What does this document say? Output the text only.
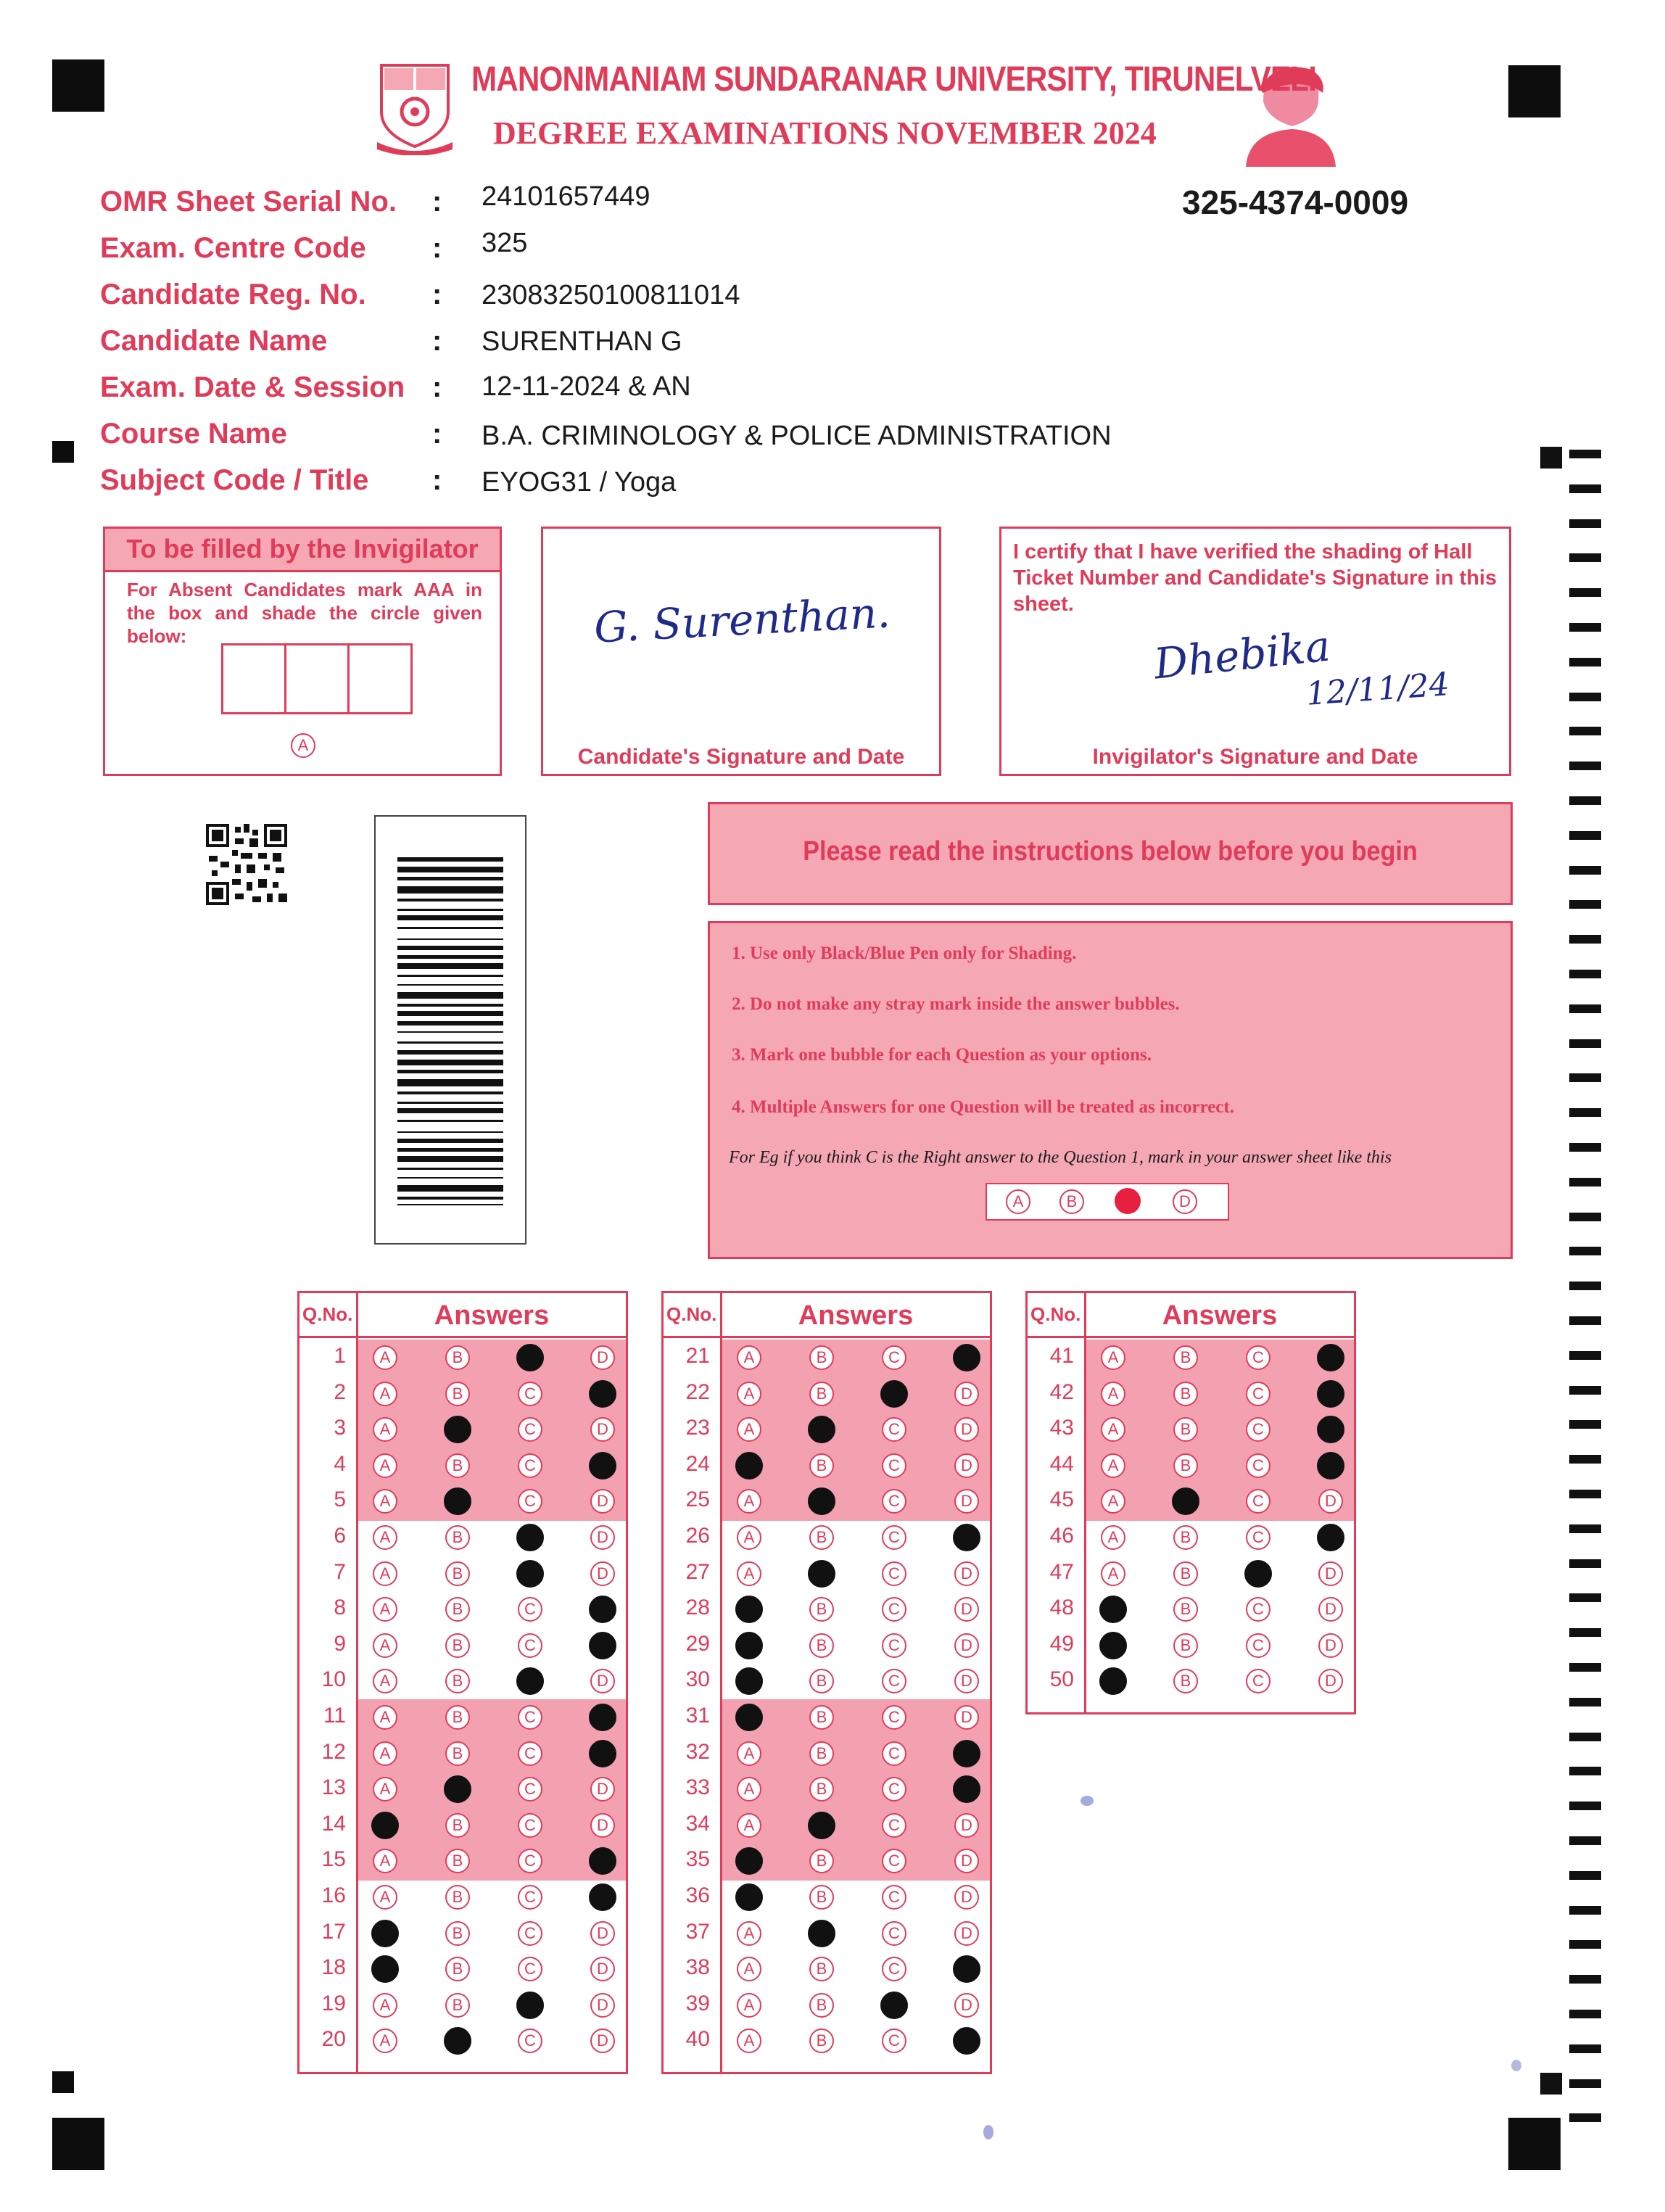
MANONMANIAM SUNDARANAR UNIVERSITY, TIRUNELVELI
DEGREE EXAMINATIONS NOVEMBER 2024
325-4374-0009
OMR Sheet Serial No. : 24101657449
Exam. Centre Code : 325
Candidate Reg. No. : 23083250100811014
Candidate Name	: SURENTHAN G
Exam. Date & Session : 12-11-2024 & AN
Course Name	: B.A. CRIMINOLOGY & POLICE ADMINISTRATION
Subject Code / Title : EYOG31 / Yoga
To be filled by the Invigilator
For Absent Candidates mark AAA in the box and shade the circle given below:
A
G. Surenthan.
Candidate's Signature and Date
I certify that I have verified the shading of Hall Ticket Number and Candidate's Signature in this sheet.
Dhebika
12/11/24
Invigilator's Signature and Date
Please read the instructions below before you begin
1. Use only Black/Blue Pen only for Shading.
2. Do not make any stray mark inside the answer bubbles.
3. Mark one bubble for each Question as your options.
4. Multiple Answers for one Question will be treated as incorrect.
For Eg if you think C is the Right answer to the Question 1, mark in your answer sheet like this
A	B	D
Q.No.	Answers
1	A	B	D
2	A	B	C
3	A	C	D
4	A	B	C
5	A	C	D
6	A	B	D
7	A	B	D
8	A	B	C
9	A	B	C
10	A	B	D
11	A	B	C
12	A	B	C
13	A	C	D
14	B	C	D
15	A	B	C
16	A	B	C
17	B	C	D
18	B	C	D
19	A	B	D
20	A	C	D
Q.No.	Answers
21	A	B	C
22	A	B	D
23	A	C	D
24	B	C	D
25	A	C	D
26	A	B	C
27	A	C	D
28	B	C	D
29	B	C	D
30	B	C	D
31	B	C	D
32	A	B	C
33	A	B	C
34	A	C	D
35	B	C	D
36	B	C	D
37	A	C	D
38	A	B	C
39	A	B	D
40	A	B	C
Q.No.	Answers
41	A	B	C
42	A	B	C
43	A	B	C
44	A	B	C
45	A	C	D
46	A	B	C
47	A	B	D
48	B	C	D
49	B	C	D
50	B	C	D
